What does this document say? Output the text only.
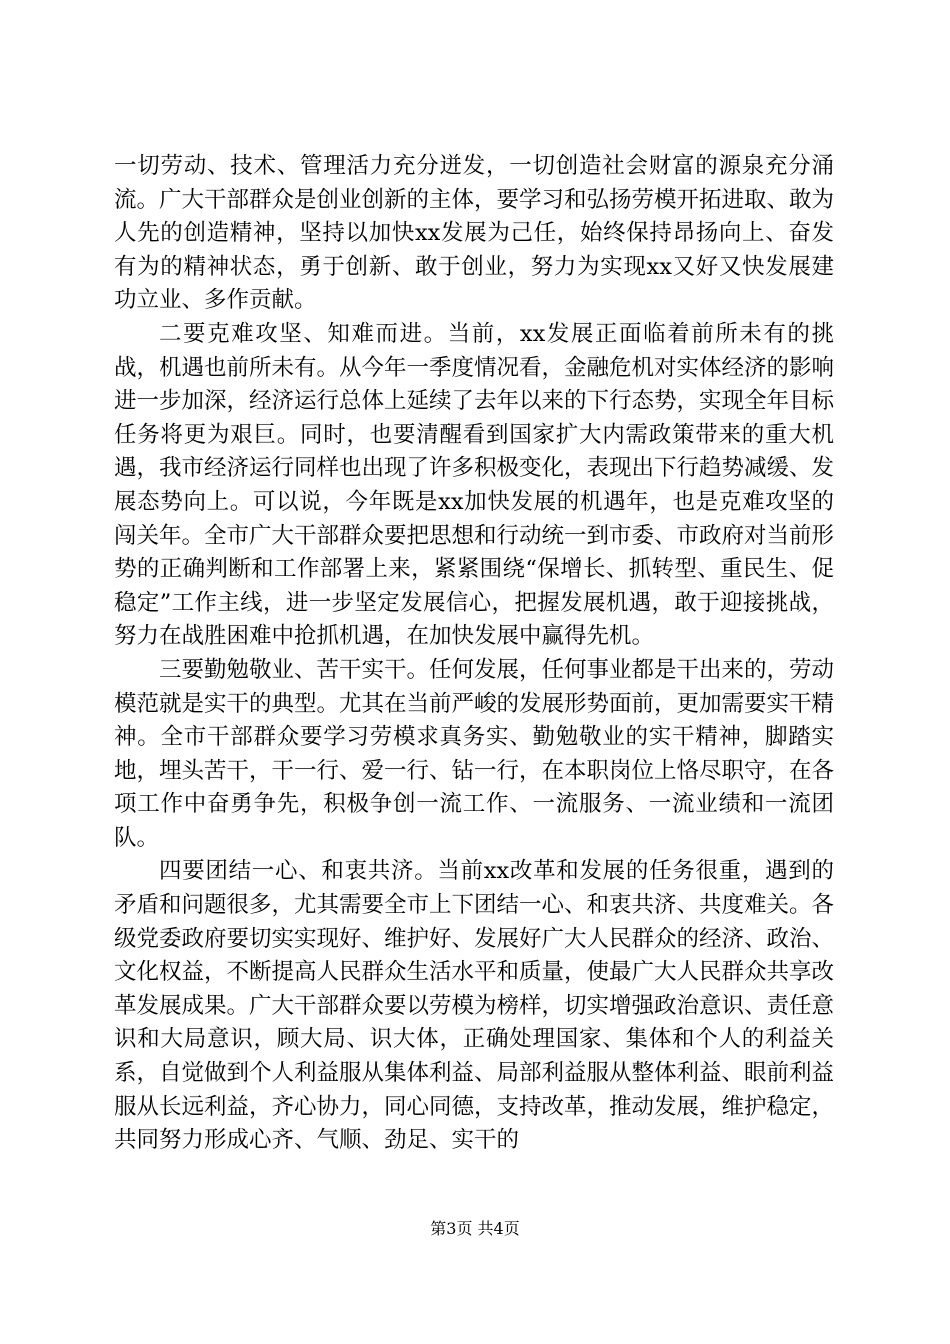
一切劳动、技术、管理活力充分迸发，一切创造社会财富的源泉充分涌流。广大干部群众是创业创新的主体，要学习和弘扬劳模开拓进取、敢为人先的创造精神，坚持以加快xx发展为己任，始终保持昂扬向上、奋发有为的精神状态，勇于创新、敢于创业，努力为实现xx又好又快发展建功立业、多作贡献。

二要克难攻坚、知难而进。当前，xx发展正面临着前所未有的挑战，机遇也前所未有。从今年一季度情况看，金融危机对实体经济的影响进一步加深，经济运行总体上延续了去年以来的下行态势，实现全年目标任务将更为艰巨。同时，也要清醒看到国家扩大内需政策带来的重大机遇，我市经济运行同样也出现了许多积极变化，表现出下行趋势减缓、发展态势向上。可以说，今年既是xx加快发展的机遇年，也是克难攻坚的闯关年。全市广大干部群众要把思想和行动统一到市委、市政府对当前形势的正确判断和工作部署上来，紧紧围绕“保增长、抓转型、重民生、促稳定”工作主线，进一步坚定发展信心，把握发展机遇，敢于迎接挑战，努力在战胜困难中抢抓机遇，在加快发展中赢得先机。

三要勤勉敬业、苦干实干。任何发展，任何事业都是干出来的，劳动模范就是实干的典型。尤其在当前严峻的发展形势面前，更加需要实干精神。全市干部群众要学习劳模求真务实、勤勉敬业的实干精神，脚踏实地，埋头苦干，干一行、爱一行、钻一行，在本职岗位上恪尽职守，在各项工作中奋勇争先，积极争创一流工作、一流服务、一流业绩和一流团队。

四要团结一心、和衷共济。当前xx改革和发展的任务很重，遇到的矛盾和问题很多，尤其需要全市上下团结一心、和衷共济、共度难关。各级党委政府要切实实现好、维护好、发展好广大人民群众的经济、政治、文化权益，不断提高人民群众生活水平和质量，使最广大人民群众共享改革发展成果。广大干部群众要以劳模为榜样，切实增强政治意识、责任意识和大局意识，顾大局、识大体，正确处理国家、集体和个人的利益关系，自觉做到个人利益服从集体利益、局部利益服从整体利益、眼前利益服从长远利益，齐心协力，同心同德，支持改革，推动发展，维护稳定，共同努力形成心齐、气顺、劲足、实干的

第3页 共4页
